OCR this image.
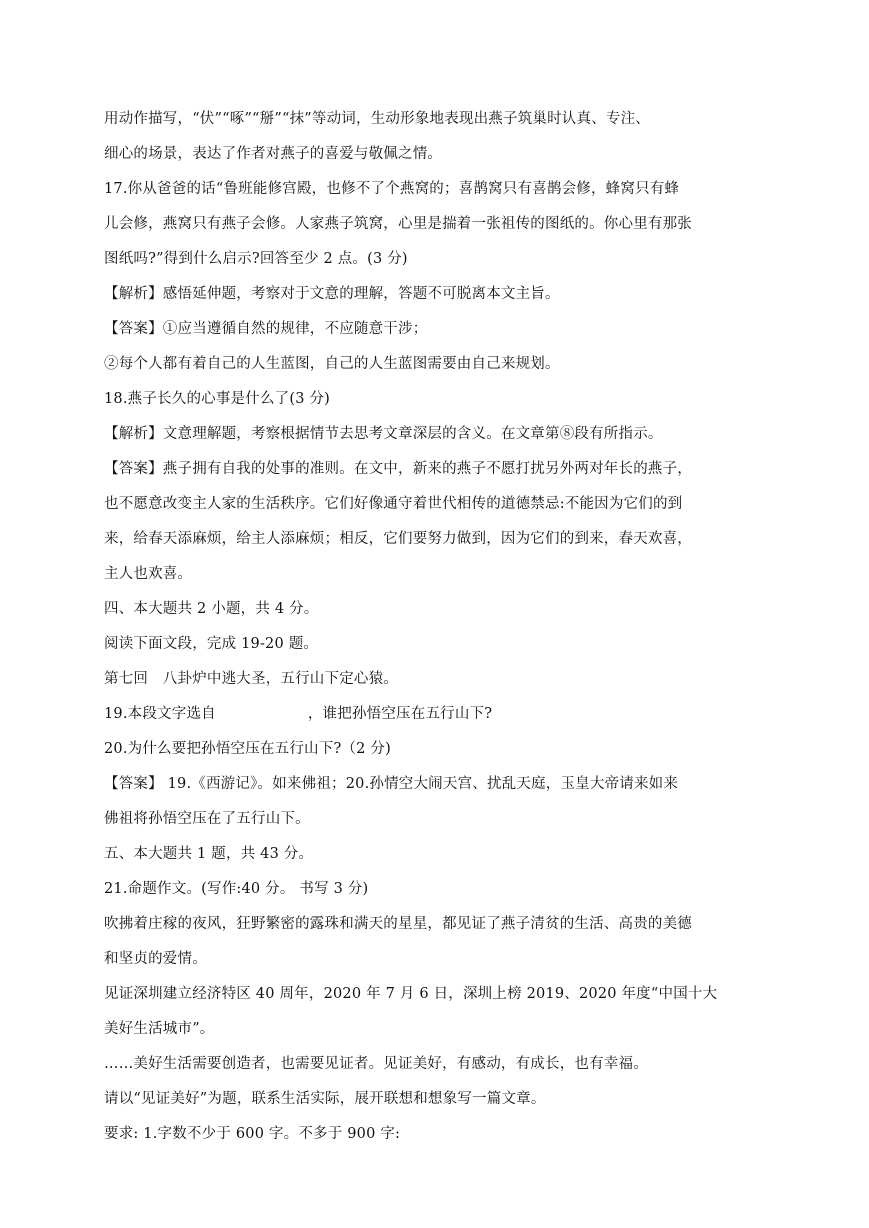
用动作描写，“伏”“啄”“掰”“抹”等动词，生动形象地表现出燕子筑巢时认真、专注、
细心的场景，表达了作者对燕子的喜爱与敬佩之情。
17.你从爸爸的话“鲁班能修宫殿，也修不了个燕窝的；喜鹊窝只有喜鹊会修，蜂窝只有蜂
儿会修，燕窝只有燕子会修。人家燕子筑窝，心里是揣着一张祖传的图纸的。你心里有那张
图纸吗?”得到什么启示?回答至少 2 点。(3 分)
【解析】感悟延伸题，考察对于文意的理解，答题不可脱离本文主旨。
【答案】①应当遵循自然的规律，不应随意干涉；
②每个人都有着自己的人生蓝图，自己的人生蓝图需要由自己来规划。
18.燕子长久的心事是什么了(3 分)
【解析】文意理解题，考察根据情节去思考文章深层的含义。在文章第⑧段有所指示。
【答案】燕子拥有自我的处事的准则。在文中，新来的燕子不愿打扰另外两对年长的燕子，
也不愿意改变主人家的生活秩序。它们好像通守着世代相传的道德禁忌:不能因为它们的到
来，给春天添麻烦，给主人添麻烦；相反，它们要努力做到，因为它们的到来，春天欢喜，
主人也欢喜。
四、本大题共 2 小题，共 4 分。
阅读下面文段，完成 19-20 题。
第七回　八卦炉中逃大圣，五行山下定心猿。
19.本段文字选自	，谁把孙悟空压在五行山下?
20.为什么要把孙悟空压在五行山下?（2 分)
【答案】 19.《西游记》。如来佛祖；20.孙情空大闹天宫、扰乱天庭，玉皇大帝请来如来
佛祖将孙悟空压在了五行山下。
五、本大题共 1 题，共 43 分。
21.命题作文。(写作:40 分。 书写 3 分)
吹拂着庄稼的夜风，狂野繁密的露珠和满天的星星，都见证了燕子清贫的生活、高贵的美德
和坚贞的爱情。
见证深圳建立经济特区 40 周年，2020 年 7 月 6 日，深圳上榜 2019、2020 年度“中国十大
美好生活城市”。
……美好生活需要创造者，也需要见证者。见证美好，有感动，有成长，也有幸福。
请以“见证美好”为题，联系生活实际，展开联想和想象写一篇文章。
要求: 1.字数不少于 600 字。不多于 900 字:
